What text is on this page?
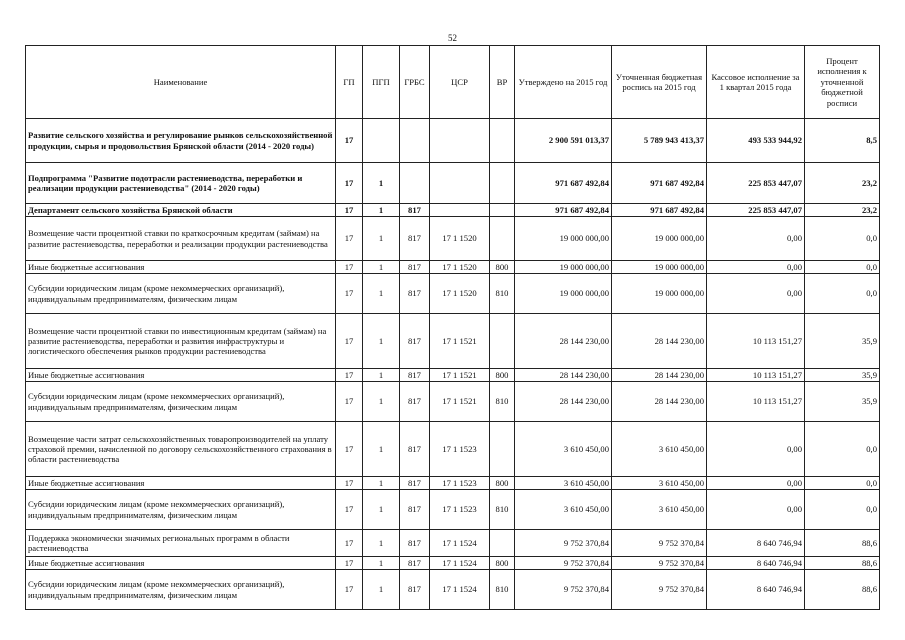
52
Наименование	ГП	ПГП	ГРБС	ЦСР	ВР	Утверждено на 2015 год	Уточненная бюджетная роспись на 2015 год	Кассовое исполнение за 1 квартал 2015 года	Процент исполнения к уточненной бюджетной росписи
Развитие сельского хозяйства и регулирование рынков сельскохозяйственной продукции, сырья и продовольствия Брянской области (2014 - 2020 годы)	17					2 900 591 013,37	5 789 943 413,37	493 533 944,92	8,5
Подпрограмма "Развитие подотрасли растениеводства, переработки и реализации продукции растениеводства" (2014 - 2020 годы)	17	1				971 687 492,84	971 687 492,84	225 853 447,07	23,2
Департамент сельского хозяйства Брянской области	17	1	817			971 687 492,84	971 687 492,84	225 853 447,07	23,2
Возмещение части процентной ставки по краткосрочным кредитам (займам) на развитие растениеводства, переработки и реализации продукции растениеводства	17	1	817	17 1 1520		19 000 000,00	19 000 000,00	0,00	0,0
Иные бюджетные ассигнования	17	1	817	17 1 1520	800	19 000 000,00	19 000 000,00	0,00	0,0
Субсидии юридическим лицам (кроме некоммерческих организаций), индивидуальным предпринимателям, физическим лицам	17	1	817	17 1 1520	810	19 000 000,00	19 000 000,00	0,00	0,0
Возмещение части процентной ставки по инвестиционным кредитам (займам) на развитие растениеводства, переработки и развития инфраструктуры и логистического обеспечения рынков продукции растениеводства	17	1	817	17 1 1521		28 144 230,00	28 144 230,00	10 113 151,27	35,9
Иные бюджетные ассигнования	17	1	817	17 1 1521	800	28 144 230,00	28 144 230,00	10 113 151,27	35,9
Субсидии юридическим лицам (кроме некоммерческих организаций), индивидуальным предпринимателям, физическим лицам	17	1	817	17 1 1521	810	28 144 230,00	28 144 230,00	10 113 151,27	35,9
Возмещение части затрат сельскохозяйственных товаропроизводителей на уплату страховой премии, начисленной по договору сельскохозяйственного страхования в области растениеводства	17	1	817	17 1 1523		3 610 450,00	3 610 450,00	0,00	0,0
Иные бюджетные ассигнования	17	1	817	17 1 1523	800	3 610 450,00	3 610 450,00	0,00	0,0
Субсидии юридическим лицам (кроме некоммерческих организаций), индивидуальным предпринимателям, физическим лицам	17	1	817	17 1 1523	810	3 610 450,00	3 610 450,00	0,00	0,0
Поддержка экономически значимых региональных программ в области растениеводства	17	1	817	17 1 1524		9 752 370,84	9 752 370,84	8 640 746,94	88,6
Иные бюджетные ассигнования	17	1	817	17 1 1524	800	9 752 370,84	9 752 370,84	8 640 746,94	88,6
Субсидии юридическим лицам (кроме некоммерческих организаций), индивидуальным предпринимателям, физическим лицам	17	1	817	17 1 1524	810	9 752 370,84	9 752 370,84	8 640 746,94	88,6
